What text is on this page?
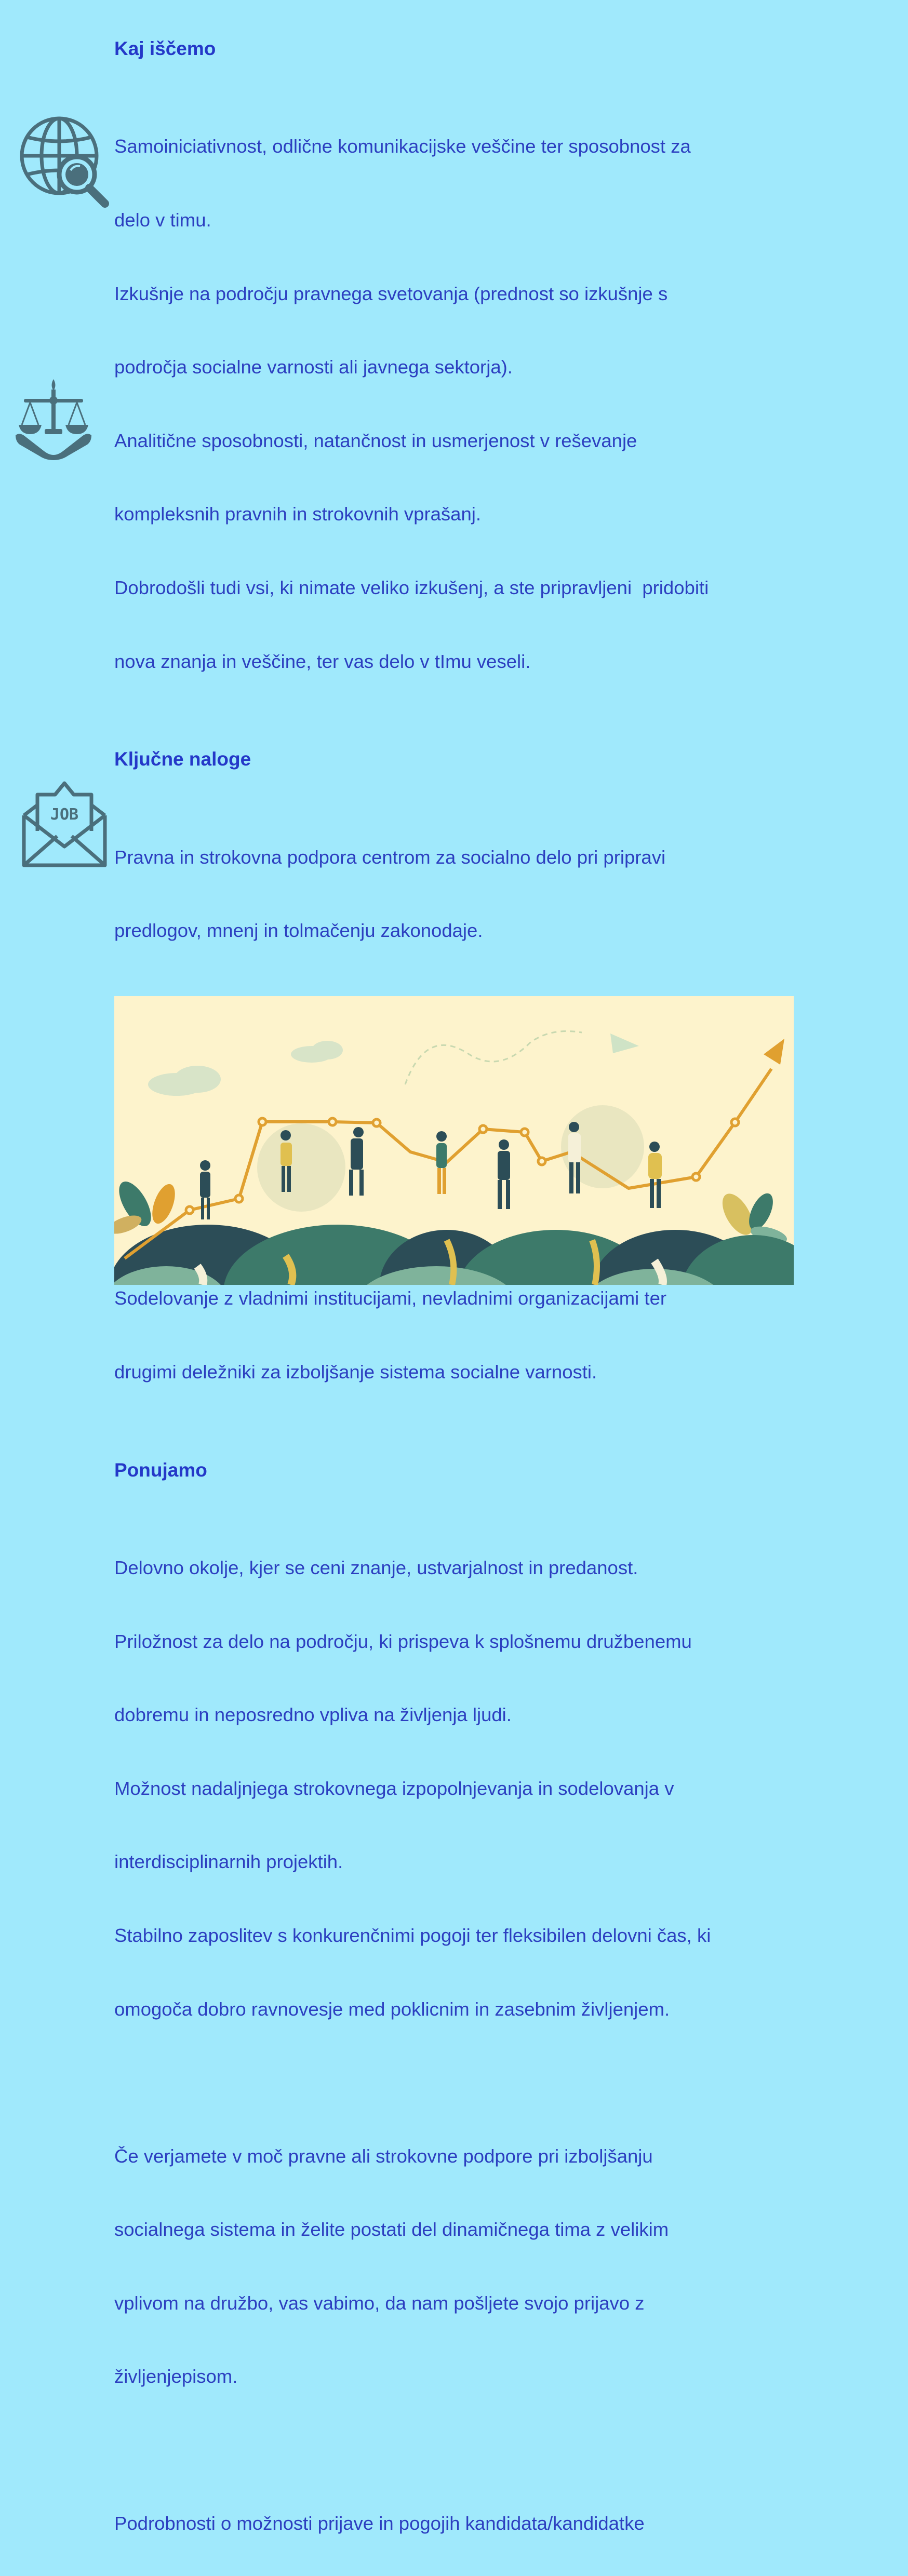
JOB
Kaj iščemo

Samoiniciativnost, odlične komunikacijske veščine ter sposobnost za

delo v timu.

Izkušnje na področju pravnega svetovanja (prednost so izkušnje s

področja socialne varnosti ali javnega sektorja).

Analitične sposobnosti, natančnost in usmerjenost v reševanje

kompleksnih pravnih in strokovnih vprašanj.

Dobrodošli tudi vsi, ki nimate veliko izkušenj, a ste pripravljeni  pridobiti

nova znanja in veščine, ter vas delo v tImu veseli.

Ključne naloge

Pravna in strokovna podpora centrom za socialno delo pri pripravi

predlogov, mnenj in tolmačenju zakonodaje.

Sodelovanje z vladnimi institucijami, nevladnimi organizacijami ter

drugimi deležniki za izboljšanje sistema socialne varnosti.

Ponujamo

Delovno okolje, kjer se ceni znanje, ustvarjalnost in predanost.

Priložnost za delo na področju, ki prispeva k splošnemu družbenemu

dobremu in neposredno vpliva na življenja ljudi.

Možnost nadaljnjega strokovnega izpopolnjevanja in sodelovanja v

interdisciplinarnih projektih.

Stabilno zaposlitev s konkurenčnimi pogoji ter fleksibilen delovni čas, ki

omogoča dobro ravnovesje med poklicnim in zasebnim življenjem.

Če verjamete v moč pravne ali strokovne podpore pri izboljšanju

socialnega sistema in želite postati del dinamičnega tima z velikim

vplivom na družbo, vas vabimo, da nam pošljete svojo prijavo z

življenjepisom.

Podrobnosti o možnosti prijave in pogojih kandidata/kandidatke
